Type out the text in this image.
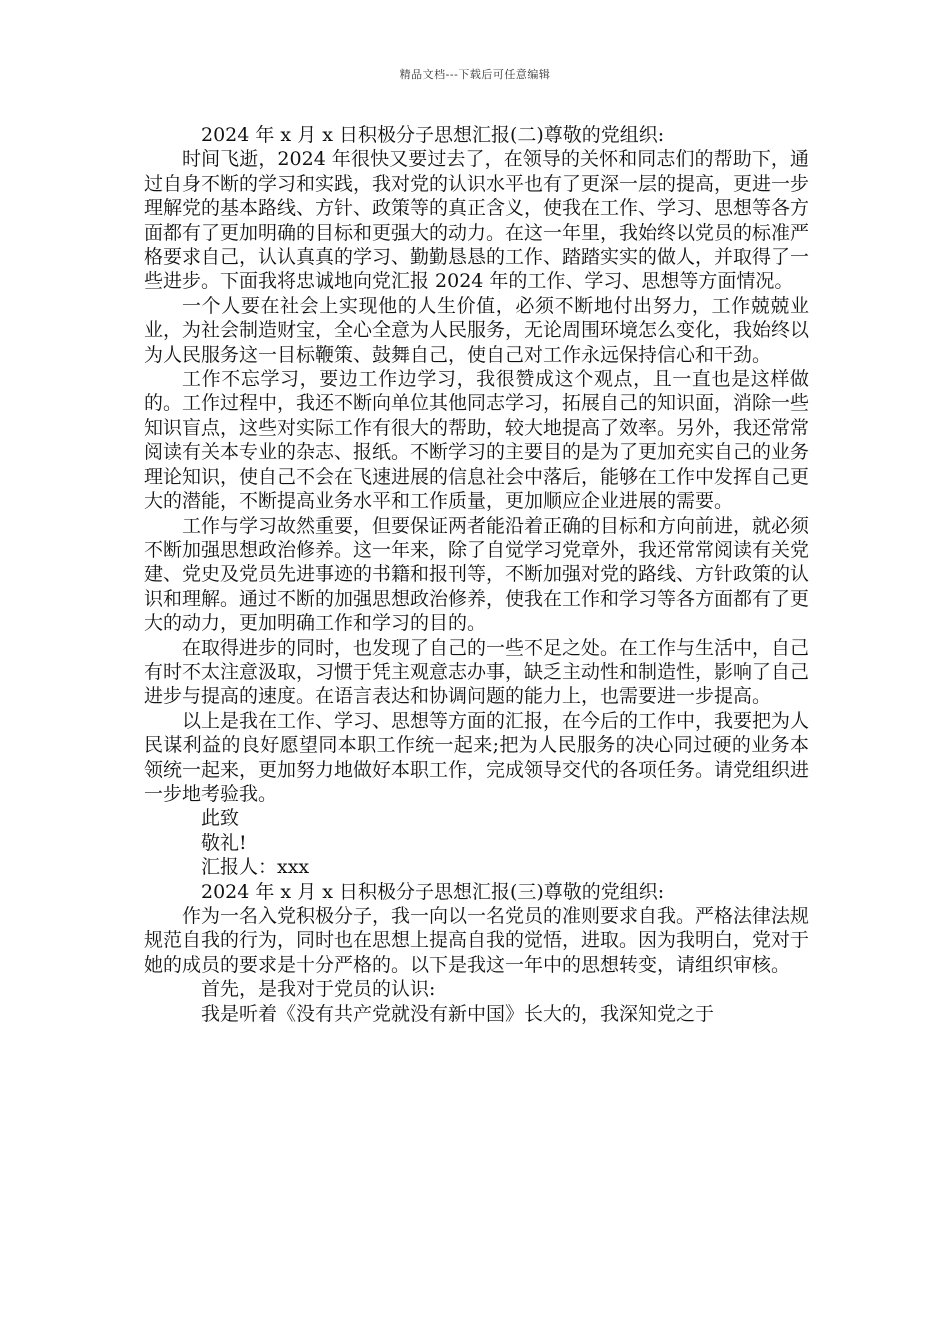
精品文档---下载后可任意编辑

2024 年 x 月 x 日积极分子思想汇报(二)尊敬的党组织:

时间飞逝，2024 年很快又要过去了，在领导的关怀和同志们的帮助下，通过自身不断的学习和实践，我对党的认识水平也有了更深一层的提高，更进一步理解党的基本路线、方针、政策等的真正含义，使我在工作、学习、思想等各方面都有了更加明确的目标和更强大的动力。在这一年里，我始终以党员的标准严格要求自己，认认真真的学习、勤勤恳恳的工作、踏踏实实的做人，并取得了一些进步。下面我将忠诚地向党汇报 2024 年的工作、学习、思想等方面情况。

一个人要在社会上实现他的人生价值，必须不断地付出努力，工作兢兢业业，为社会制造财宝，全心全意为人民服务，无论周围环境怎么变化，我始终以为人民服务这一目标鞭策、鼓舞自己，使自己对工作永远保持信心和干劲。

工作不忘学习，要边工作边学习，我很赞成这个观点，且一直也是这样做的。工作过程中，我还不断向单位其他同志学习，拓展自己的知识面，消除一些知识盲点，这些对实际工作有很大的帮助，较大地提高了效率。另外，我还常常阅读有关本专业的杂志、报纸。不断学习的主要目的是为了更加充实自己的业务理论知识，使自己不会在飞速进展的信息社会中落后，能够在工作中发挥自己更大的潜能，不断提高业务水平和工作质量，更加顺应企业进展的需要。

工作与学习故然重要，但要保证两者能沿着正确的目标和方向前进，就必须不断加强思想政治修养。这一年来，除了自觉学习党章外，我还常常阅读有关党建、党史及党员先进事迹的书籍和报刊等，不断加强对党的路线、方针政策的认识和理解。通过不断的加强思想政治修养，使我在工作和学习等各方面都有了更大的动力，更加明确工作和学习的目的。

在取得进步的同时，也发现了自己的一些不足之处。在工作与生活中，自己有时不太注意汲取，习惯于凭主观意志办事，缺乏主动性和制造性，影响了自己进步与提高的速度。在语言表达和协调问题的能力上，也需要进一步提高。

以上是我在工作、学习、思想等方面的汇报，在今后的工作中，我要把为人民谋利益的良好愿望同本职工作统一起来;把为人民服务的决心同过硬的业务本领统一起来，更加努力地做好本职工作，完成领导交代的各项任务。请党组织进一步地考验我。

此致

敬礼!

汇报人：xxx

2024 年 x 月 x 日积极分子思想汇报(三)尊敬的党组织:

作为一名入党积极分子，我一向以一名党员的准则要求自我。严格法律法规规范自我的行为，同时也在思想上提高自我的觉悟，进取。因为我明白，党对于她的成员的要求是十分严格的。以下是我这一年中的思想转变，请组织审核。

首先，是我对于党员的认识:

我是听着《没有共产党就没有新中国》长大的，我深知党之于
